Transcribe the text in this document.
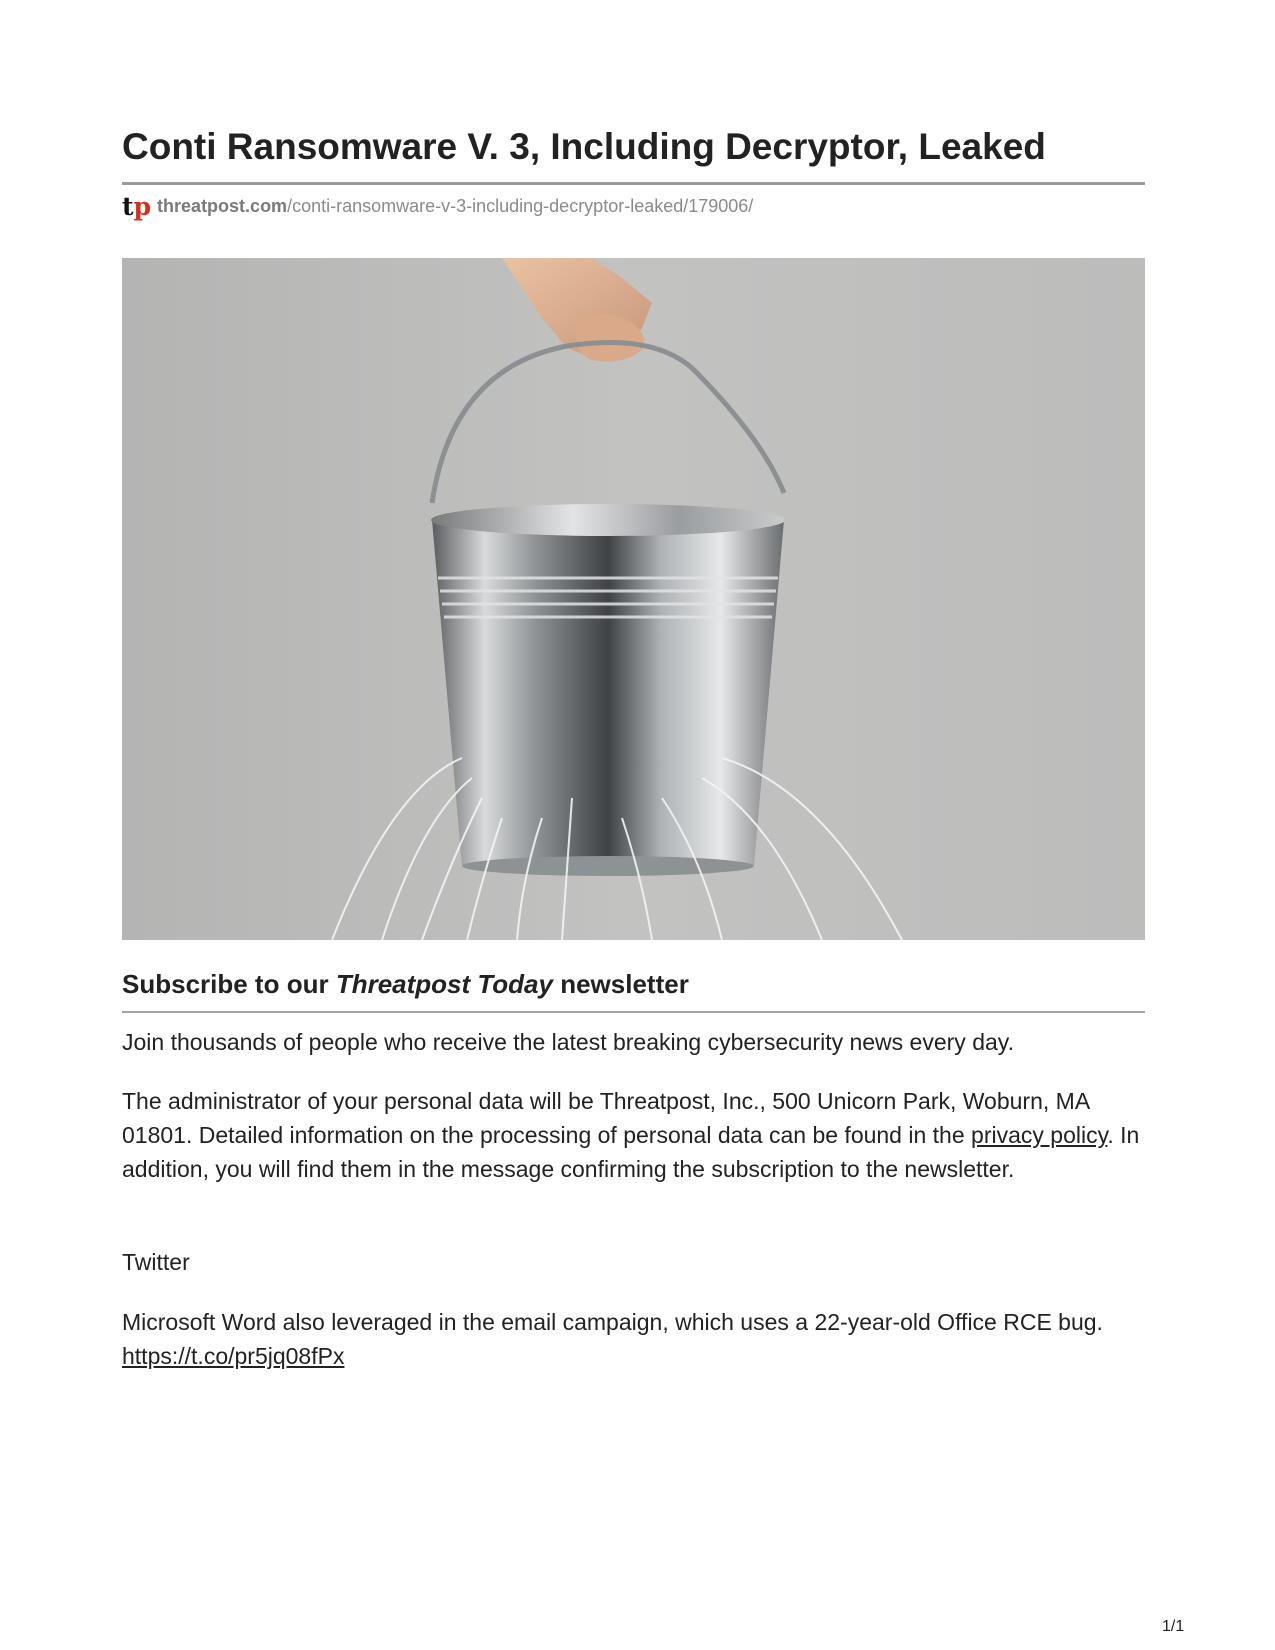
Conti Ransomware V. 3, Including Decryptor, Leaked
tp threatpost.com/conti-ransomware-v-3-including-decryptor-leaked/179006/
Subscribe to our Threatpost Today newsletter

Join thousands of people who receive the latest breaking cybersecurity news every day.

The administrator of your personal data will be Threatpost, Inc., 500 Unicorn Park, Woburn, MA 01801. Detailed information on the processing of personal data can be found in the privacy policy. In addition, you will find them in the message confirming the subscription to the newsletter.

Twitter

Microsoft Word also leveraged in the email campaign, which uses a 22-year-old Office RCE bug. https://t.co/pr5jq08fPx

1/1
